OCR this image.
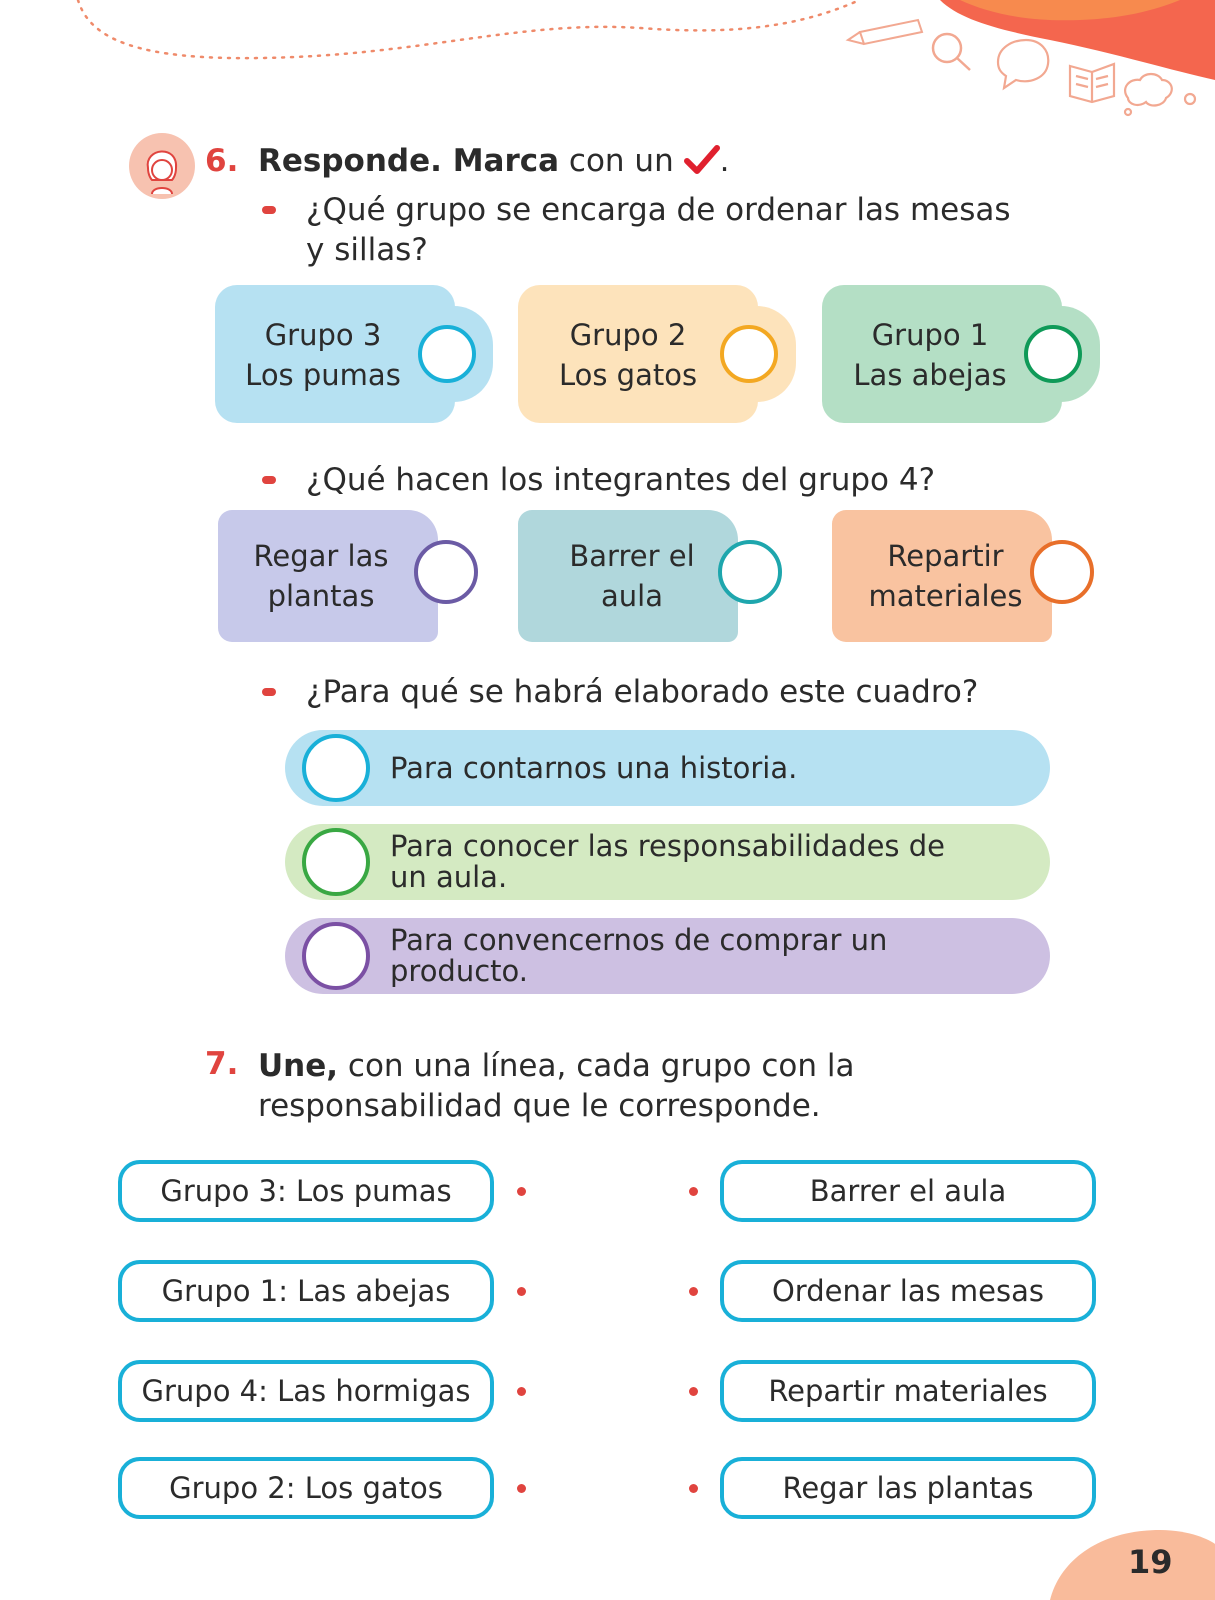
6. Responde. Marca con un .
¿Qué grupo se encarga de ordenar las mesas
y sillas?
Grupo 3
Los pumas
Grupo 2
Los gatos
Grupo 1
Las abejas
¿Qué hacen los integrantes del grupo 4?
Regar las
plantas
Barrer el
aula
Repartir
materiales
¿Para qué se habrá elaborado este cuadro?
Para contarnos una historia.
Para conocer las responsabilidades de
un aula.
Para convencernos de comprar un
producto.
7. Une, con una línea, cada grupo con la
responsabilidad que le corresponde.
Grupo 3: Los pumas
Grupo 1: Las abejas
Grupo 4: Las hormigas
Grupo 2: Los gatos
Barrer el aula
Ordenar las mesas
Repartir materiales
Regar las plantas
19
